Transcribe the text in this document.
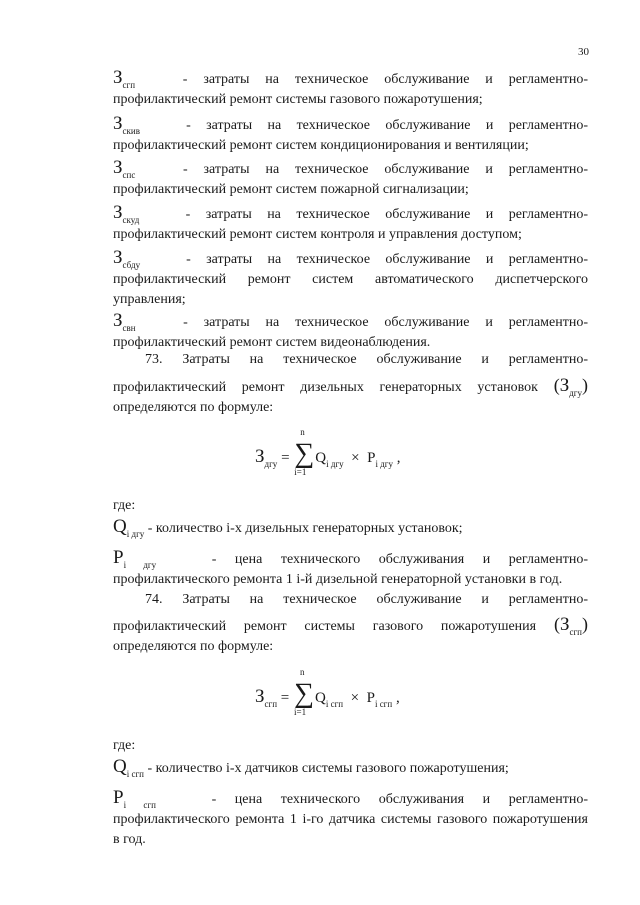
30
$З_{сгп}$	- затраты на техническое обслуживание и регламентно-
профилактический ремонт системы газового пожаротушения;
$З_{скив}$	- затраты на техническое обслуживание и регламентно-
профилактический ремонт систем кондиционирования и вентиляции;
$З_{спс}$	- затраты на техническое обслуживание и регламентно-
профилактический ремонт систем пожарной сигнализации;
$З_{скуд}$	- затраты на техническое обслуживание и регламентно-
профилактический ремонт систем контроля и управления доступом;
$З_{сбду}$	- затраты на техническое обслуживание и регламентно-
профилактический ремонт систем автоматического диспетчерского
управления;
$З_{свн}$	- затраты на техническое обслуживание и регламентно-
профилактический ремонт систем видеонаблюдения.
73. Затраты на техническое обслуживание и регламентно-
профилактический ремонт дизельных генераторных установок $(З_{дгу})$
определяются по формуле:
$З_{дгу}$ =
n
∑
i=1
$Q_{i дгу} \times P_{i дгу}$ ,
где:
$Q_{i дгу}$ - количество i-х дизельных генераторных установок;
$P_{i дгу}$	- цена технического обслуживания и регламентно-
профилактического ремонта 1 i-й дизельной генераторной установки в год.
74. Затраты на техническое обслуживание и регламентно-
профилактический ремонт системы газового пожаротушения $(З_{сгп})$
определяются по формуле:
$З_{сгп}$ =
n
∑
i=1
$Q_{i сгп} \times P_{i сгп}$ ,
где:
$Q_{i сгп}$ - количество i-х датчиков системы газового пожаротушения;
$P_{i сгп}$	- цена технического обслуживания и регламентно-
профилактического ремонта 1 i-го датчика системы газового пожаротушения
в год.
